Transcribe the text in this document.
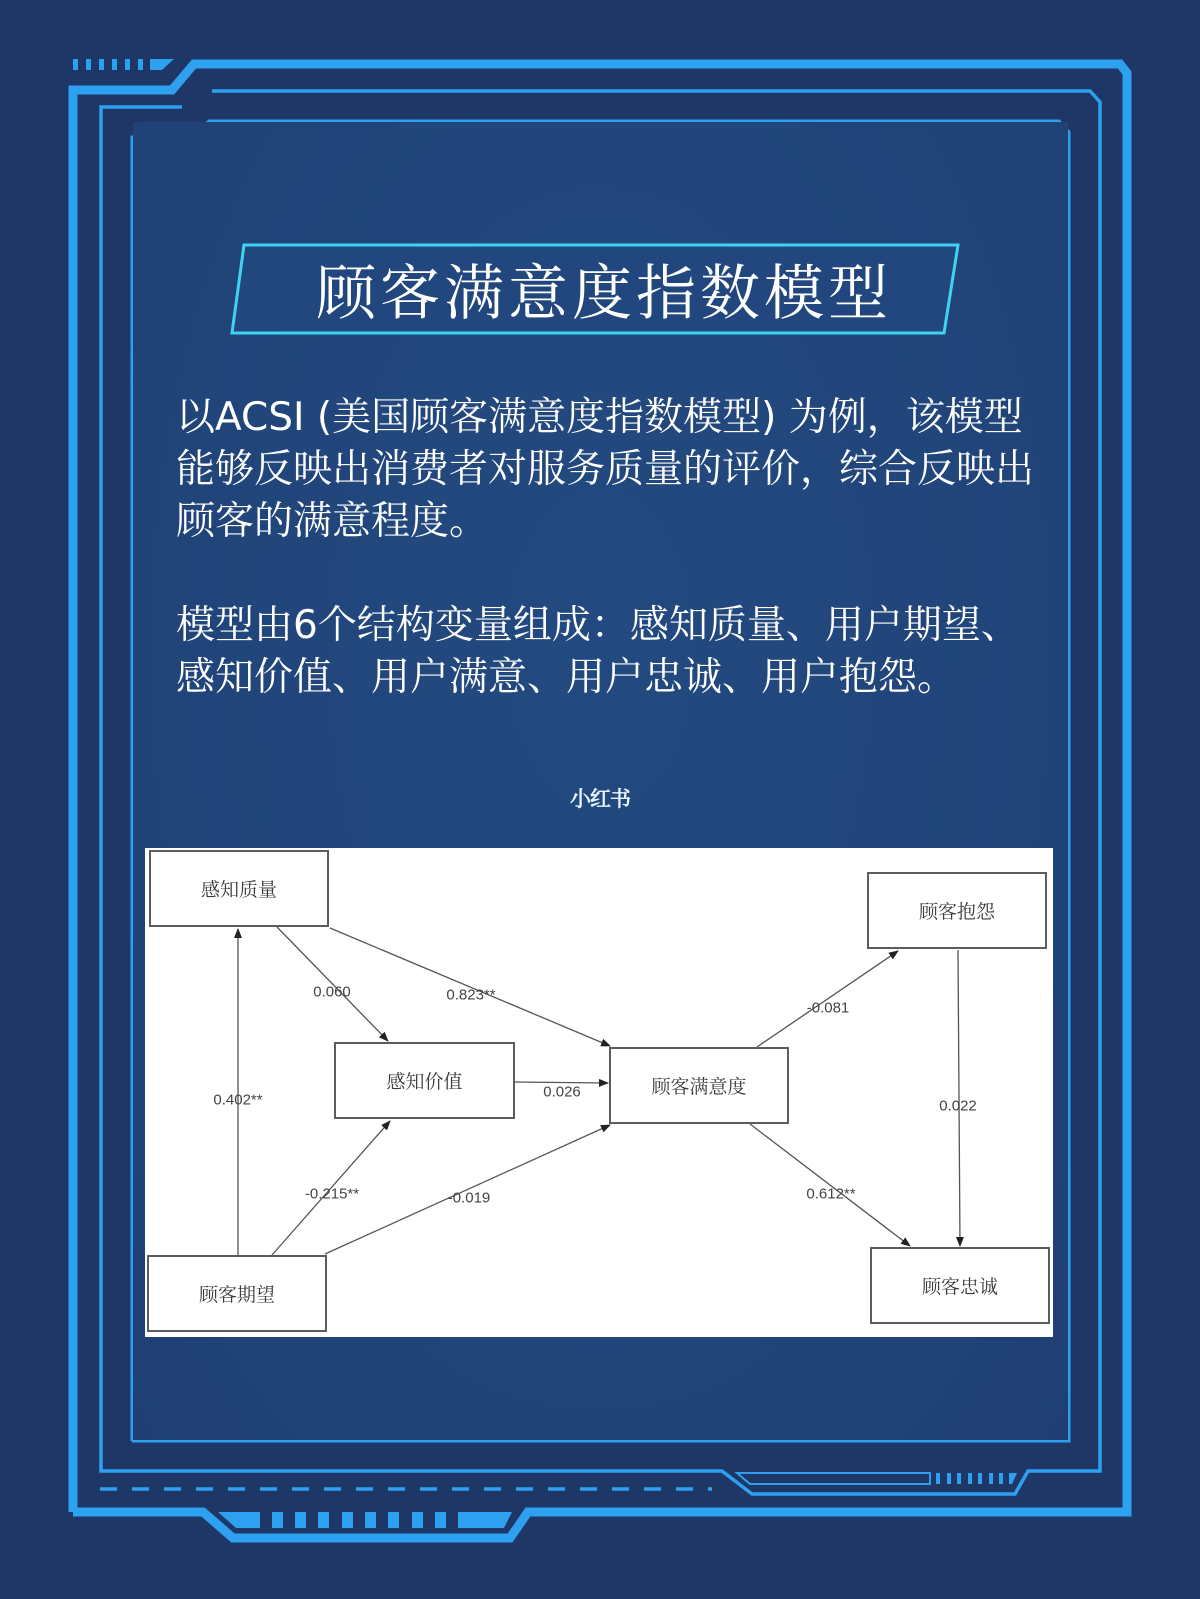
顾客满意度指数模型
以ACSI (美国顾客满意度指数模型) 为例，该模型能够反映出消费者对服务质量的评价，综合反映出顾客的满意程度。
模型由6个结构变量组成：感知质量、用户期望、感知价值、用户满意、用户忠诚、用户抱怨。
小红书
感知质量
感知价值
顾客期望
顾客满意度
顾客抱怨
顾客忠诚
0.060	0.823**
0.402**
-0.215**	-0.019
0.026
-0.081
0.612**
0.022
